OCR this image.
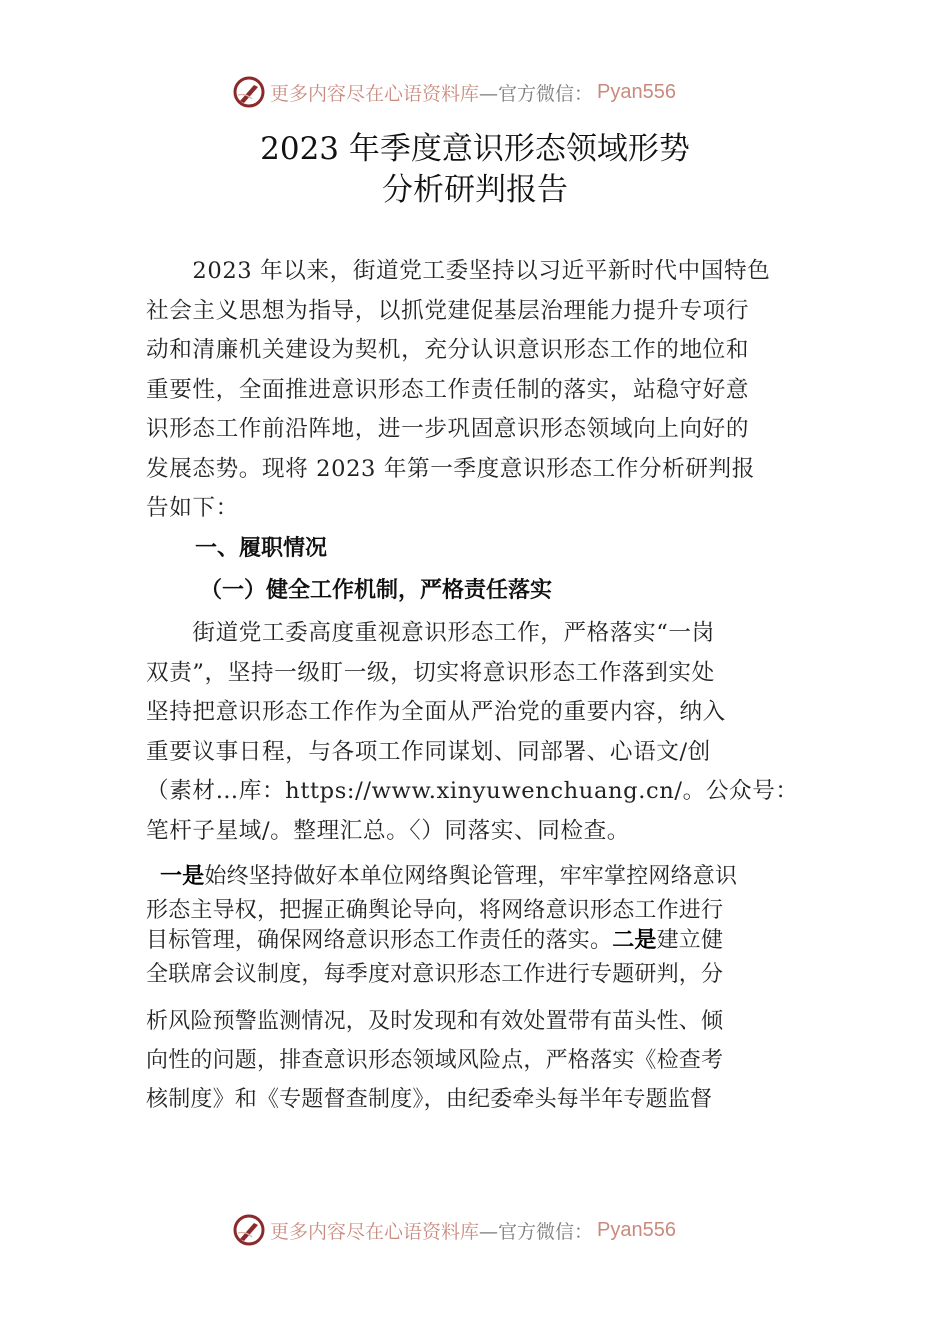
更多内容尽在心语资料库 —官方微信： Pyan556
2023 年季度意识形态领域形势
分析研判报告
　　2023 年以来，街道党工委坚持以习近平新时代中国特色
社会主义思想为指导，以抓党建促基层治理能力提升专项行
动和清廉机关建设为契机，充分认识意识形态工作的地位和
重要性，全面推进意识形态工作责任制的落实，站稳守好意
识形态工作前沿阵地，进一步巩固意识形态领域向上向好的
发展态势。现将 2023 年第一季度意识形态工作分析研判报
告如下：
一、履职情况
（一）健全工作机制，严格责任落实
　　街道党工委高度重视意识形态工作，严格落实“一岗
双责”，坚持一级盯一级，切实将意识形态工作落到实处
坚持把意识形态工作作为全面从严治党的重要内容，纳入
重要议事日程，与各项工作同谋划、同部署、心语文/创
（素材…库：https://www.xinyuwenchuang.cn/。公众号：
笔杆子星域/。整理汇总。〈）同落实、同检查。
一是始终坚持做好本单位网络舆论管理，牢牢掌控网络意识
形态主导权，把握正确舆论导向，将网络意识形态工作进行
目标管理，确保网络意识形态工作责任的落实。二是建立健
全联席会议制度，每季度对意识形态工作进行专题研判，分
析风险预警监测情况，及时发现和有效处置带有苗头性、倾
向性的问题，排查意识形态领域风险点，严格落实《检查考
核制度》和《专题督查制度》，由纪委牵头每半年专题监督
更多内容尽在心语资料库 —官方微信： Pyan556
